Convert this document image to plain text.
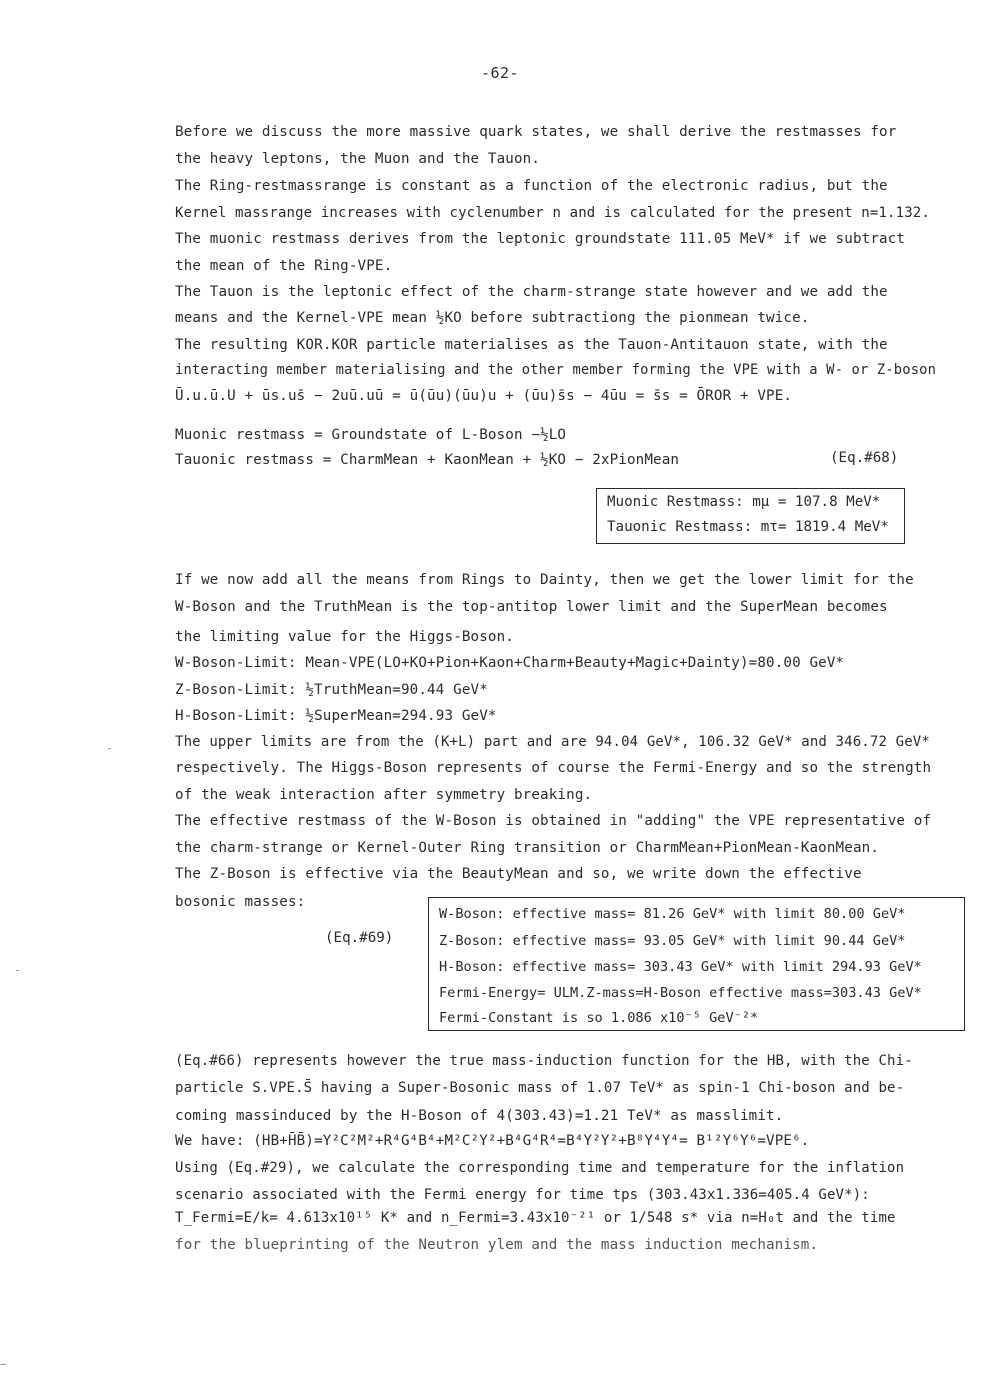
-62-
Before we discuss the more massive quark states, we shall derive the restmasses for
the heavy leptons, the Muon and the Tauon.
The Ring-restmassrange is constant as a function of the electronic radius, but the
Kernel massrange increases with cyclenumber n and is calculated for the present n=1.132.
The muonic restmass derives from the leptonic groundstate 111.05 MeV* if we subtract
the mean of the Ring-VPE.
The Tauon is the leptonic effect of the charm-strange state however and we add the
means and the Kernel-VPE mean ½KO before subtractiong the pionmean twice.
The resulting KOR.KOR particle materialises as the Tauon-Antitauon state, with the
interacting member materialising and the other member forming the VPE with a W- or Z-boson
Ū.u.ū.U + ūs.us̄ − 2uū.uū = ū(ūu)(ūu)u + (ūu)s̄s − 4ūu = s̄s = ŌROR + VPE.
Muonic restmass = Groundstate of L-Boson −½LO
Tauonic restmass = CharmMean + KaonMean + ½KO − 2xPionMean	(Eq.#68)
Muonic Restmass: mμ = 107.8 MeV*
Tauonic Restmass: mτ= 1819.4 MeV*
If we now add all the means from Rings to Dainty, then we get the lower limit for the
W-Boson and the TruthMean is the top-antitop lower limit and the SuperMean becomes
the limiting value for the Higgs-Boson.
W-Boson-Limit: Mean-VPE(LO+KO+Pion+Kaon+Charm+Beauty+Magic+Dainty)=80.00 GeV*
Z-Boson-Limit: ½TruthMean=90.44 GeV*
H-Boson-Limit: ½SuperMean=294.93 GeV*
The upper limits are from the (K+L) part and are 94.04 GeV*, 106.32 GeV* and 346.72 GeV*
respectively. The Higgs-Boson represents of course the Fermi-Energy and so the strength
of the weak interaction after symmetry breaking.
The effective restmass of the W-Boson is obtained in "adding" the VPE representative of
the charm-strange or Kernel-Outer Ring transition or CharmMean+PionMean-KaonMean.
The Z-Boson is effective via the BeautyMean and so, we write down the effective
bosonic masses:
(Eq.#69)
W-Boson: effective mass= 81.26 GeV* with limit 80.00 GeV*
Z-Boson: effective mass= 93.05 GeV* with limit 90.44 GeV*
H-Boson: effective mass= 303.43 GeV* with limit 294.93 GeV*
Fermi-Energy= ULM.Z-mass=H-Boson effective mass=303.43 GeV*
Fermi-Constant is so 1.086 x10⁻⁵ GeV⁻²*
(Eq.#66) represents however the true mass-induction function for the HB, with the Chi-
particle S.VPE.S̄ having a Super-Bosonic mass of 1.07 TeV* as spin-1 Chi-boson and be-
coming massinduced by the H-Boson of 4(303.43)=1.21 TeV* as masslimit.
We have: (HB+H̄B̄)=Y²C²M²+R⁴G⁴B⁴+M²C²Y²+B⁴G⁴R⁴=B⁴Y²Y²+B⁸Y⁴Y⁴= B¹²Y⁶Y⁶=VPE⁶.
Using (Eq.#29), we calculate the corresponding time and temperature for the inflation
scenario associated with the Fermi energy for time tps (303.43x1.336=405.4 GeV*):
T_Fermi=E/k= 4.613x10¹⁵ K* and n_Fermi=3.43x10⁻²¹ or 1/548 s* via n=H₀t and the time
for the blueprinting of the Neutron ylem and the mass induction mechanism.
